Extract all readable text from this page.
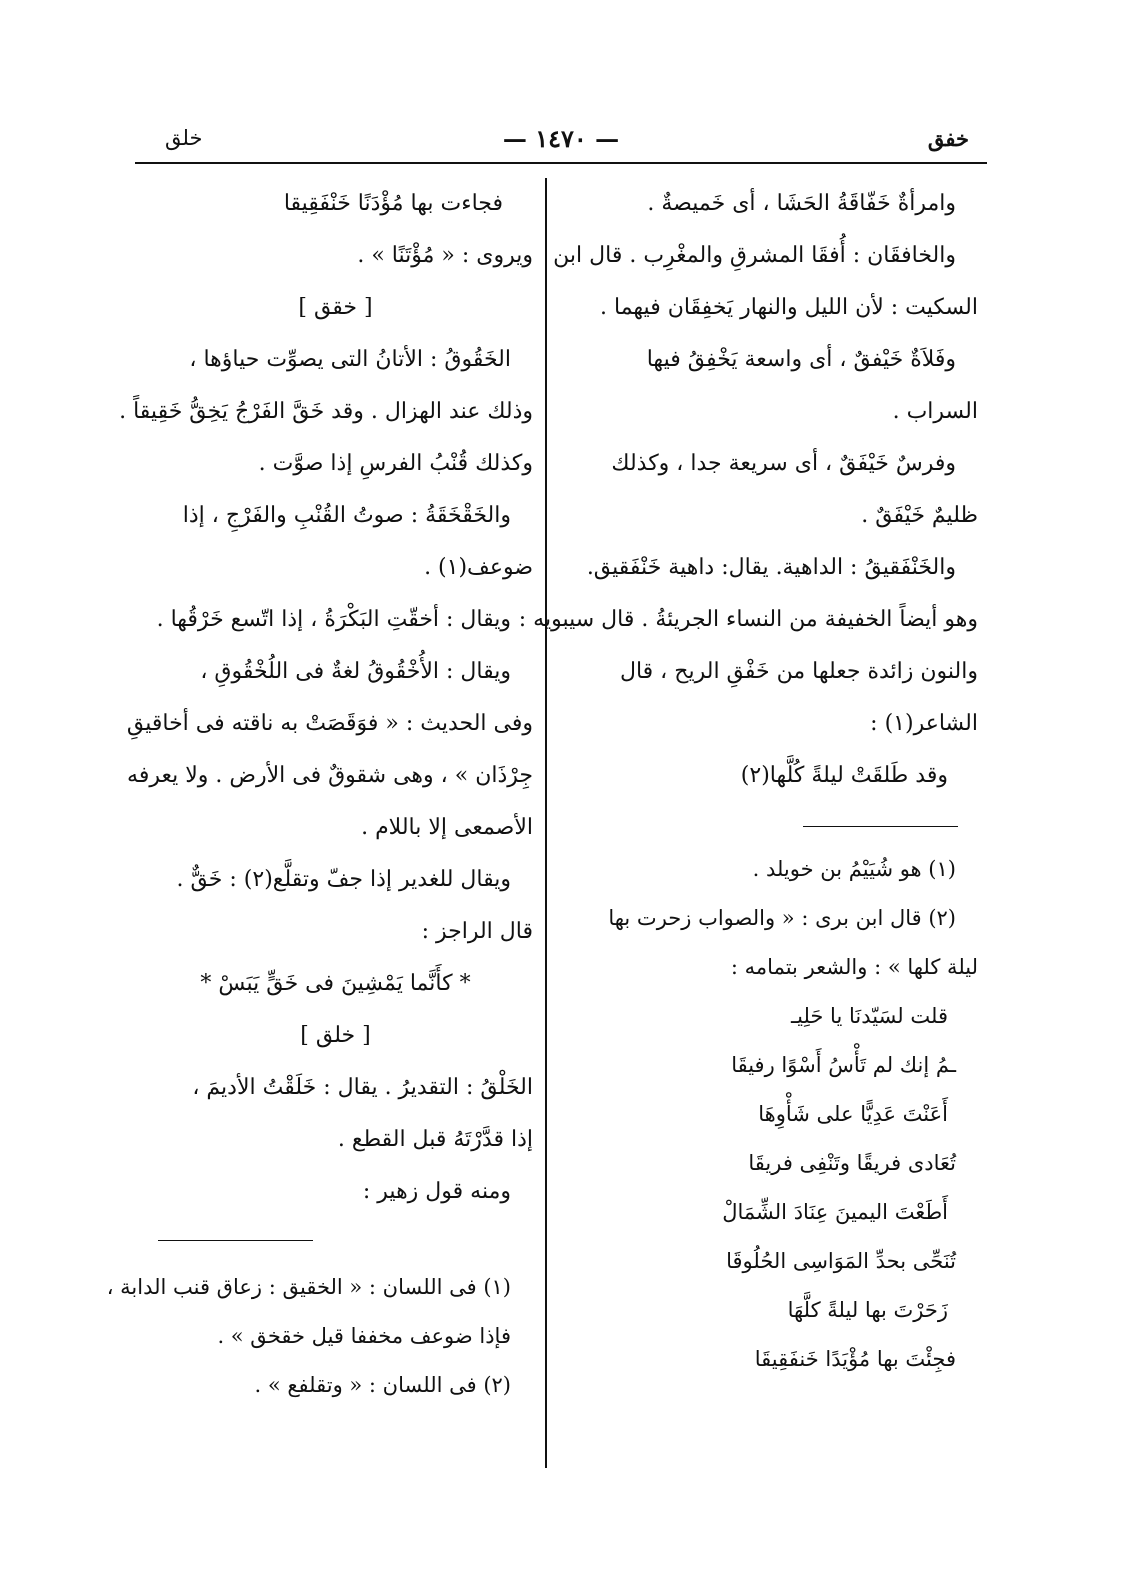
خلق	— ١٤٧٠ —	خفق
وامرأةٌ خَفّاقَةُ الحَشَا ، أى خَميصةٌ .
والخافقَان : أُفقَا المشرقِ والمغْرِب . قال ابن
السكيت : لأن الليل والنهار يَخفِقَان فيهما .
وفَلاَةٌ خَيْفقٌ ، أى واسعة يَخْفِقُ فيها
السراب .
وفرسٌ خَيْفَقٌ ، أى سريعة جدا ، وكذلك
ظليمٌ خَيْفَقٌ .
والخَنْفَقيقُ : الداهية. يقال: داهية خَنْفَقيق.
وهو أيضاً الخفيفة من النساء الجريئةُ . قال سيبويه :
والنون زائدة جعلها من خَفْقِ الريح ، قال
الشاعر(١) :
وقد طَلقَتْ ليلةً كُلَّها(٢)
(١) هو شُيَيْمُ بن خويلد .
(٢) قال ابن برى : « والصواب زحرت بها
ليلة كلها » : والشعر بتمامه :
قلت لسَيّدنَا يا حَلِيـ
ـمُ إنك لم تَأْسُ أَسْوًا رفيقَا
أَعَنْتَ عَدِيًّا على شَأْوِهَا
تُعَادى فريقًا وتَنْفِى فريقَا
أَطَعْتَ اليمينَ عِنَادَ الشِّمَالْ
تُنَحِّى بحدِّ المَوَاسِى الحُلُوقَا
زَحَرْتَ بها ليلةً كلَّهَا
فجِئْتَ بها مُؤْيَدًا خَنفَقِيقَا
فجاءت بها مُؤْدَنًا خَنْفَقِيقا
ويروى : « مُؤْتَنًا » .
[ خقق ]
الخَقُوقُ : الأتانُ التى يصوِّت حياؤها ،
وذلك عند الهزال . وقد خَقَّ الفَرْجُ يَخِقُّ خَقِيقاً .
وكذلك قُنْبُ الفرسِ إذا صوَّت .
والخَقْخَقَةُ : صوتُ القُنْبِ والفَرْجِ ، إذا
ضوعف(١) .
ويقال : أخقّتِ البَكْرَةُ ، إذا اتّسع خَرْقُها .
ويقال : الأُخْقُوقُ لغةٌ فى اللُخْقُوقِ ،
وفى الحديث : « فوَقَصَتْ به ناقته فى أخاقيقِ
جِرْذَان » ، وهى شقوقٌ فى الأرض . ولا يعرفه
الأصمعى إلا باللام .
ويقال للغدير إذا جفّ وتقلَّع(٢) : خَقٌّ .
قال الراجز :
* كأَنَّما يَمْشِينَ فى خَقٍّ يَبَسْ *
[ خلق ]
الخَلْقُ : التقديرُ . يقال : خَلَقْتُ الأديمَ ،
إذا قدَّرْتَهُ قبل القطع .
ومنه قول زهير :
(١) فى اللسان : « الخقيق : زعاق قنب الدابة ،
فإذا ضوعف مخففا قيل خقخق » .
(٢) فى اللسان : « وتقلفع » .
